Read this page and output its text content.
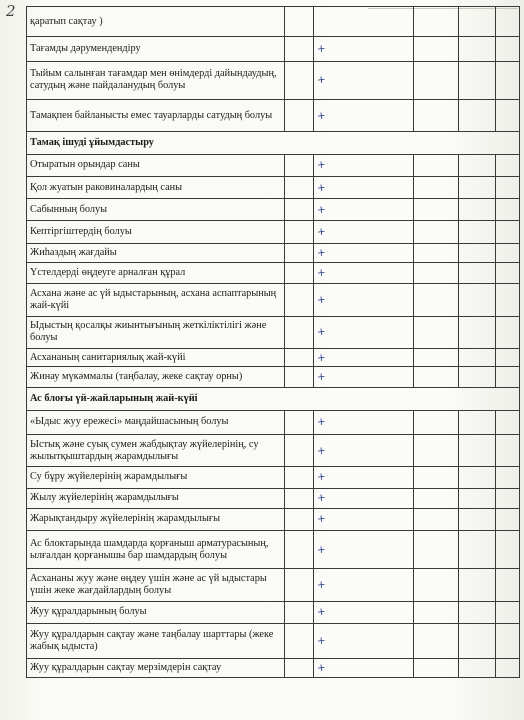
2
қаратып сақтау )					
Тағамды дәрумендендіру		+			
Тыйым салынған тағамдар мен өнімдерді дайындаудың, сатудың және пайдаланудың болуы		+			
Тамақпен байланысты емес тауарларды сатудың болуы		+			
Тамақ ішуді ұйымдастыру					
Отыратын орындар саны		+			
Қол жуатын раковиналардың саны		+			
Сабынның болуы		+			
Кептіргіштердің болуы		+			
Жиһаздың жағдайы		+			
Үстелдерді өңдеуге арналған құрал		+			
Асхана және ас үй ыдыстарының, асхана аспаптарының жай-күйі		+			
Ыдыстың қосалқы жиынтығының жеткіліктілігі және болуы		+			
Асхананың санитариялық жай-күйі		+			
Жинау мүкәммалы (таңбалау, жеке сақтау орны)		+			
Ас блоғы үй-жайларының жай-күйі					
«Ыдыс жуу ережесі» маңдайшасының болуы		+			
Ыстық және суық сумен жабдықтау жүйелерінің, су жылытқыштардың жарамдылығы		+			
Су бұру жүйелерінің жарамдылығы		+			
Жылу жүйелерінің жарамдылығы		+			
Жарықтандыру жүйелерінің жарамдылығы		+			
Ас блоктарында шамдарда қорғаныш арматурасының, ылғалдан қорғанышы бар шамдардың болуы		+			
Асхананы жуу және өңдеу үшін және ас үй ыдыстары үшін жеке жағдайлардың болуы		+			
Жуу құралдарының болуы		+			
Жуу құралдарын сақтау және таңбалау шарттары (жеке жабық ыдыста)		+			
Жуу құралдарын сақтау мерзімдерін сақтау		+			
